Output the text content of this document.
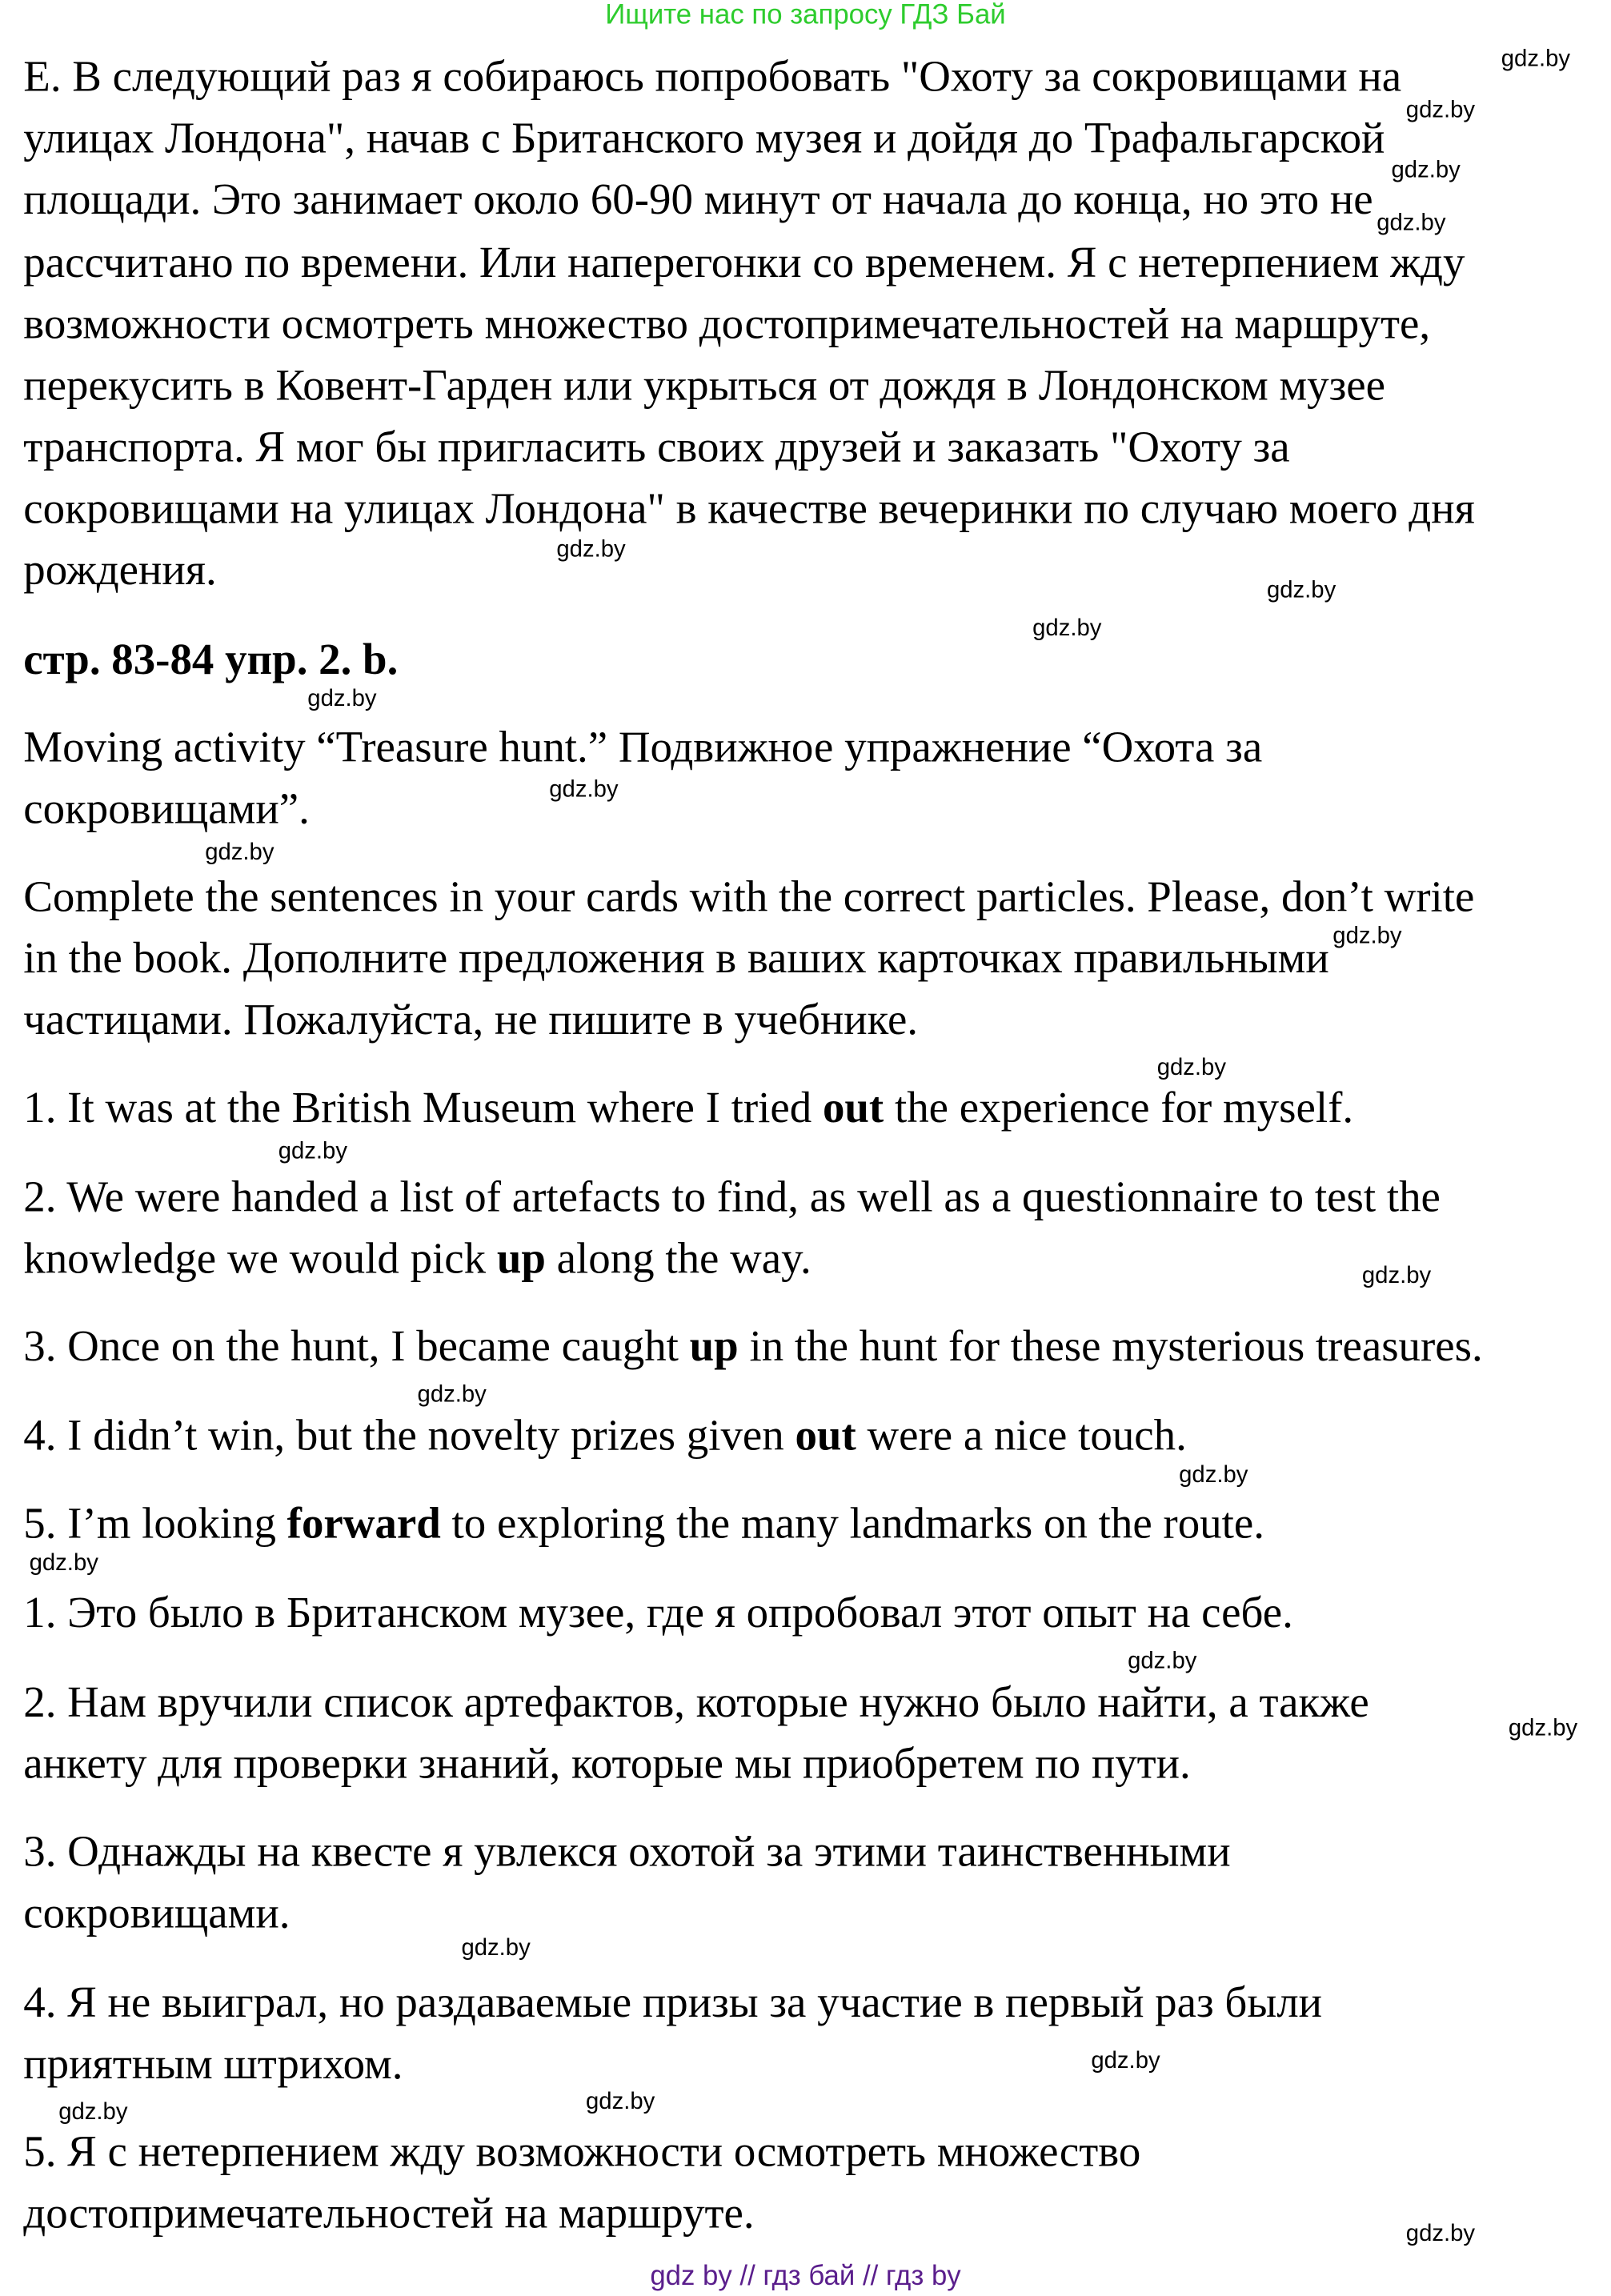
Ищите нас по запросу ГДЗ Бай
Е. В следующий раз я собираюсь попробовать "Охоту за сокровищами на
улицах Лондона", начав с Британского музея и дойдя до Трафальгарской
площади. Это занимает около 60-90 минут от начала до конца, но это не
рассчитано по времени. Или наперегонки со временем. Я с нетерпением жду
возможности осмотреть множество достопримечательностей на маршруте,
перекусить в Ковент-Гарден или укрыться от дождя в Лондонском музее
транспорта. Я мог бы пригласить своих друзей и заказать "Охоту за
сокровищами на улицах Лондона" в качестве вечеринки по случаю моего дня
рождения.
стр. 83-84 упр. 2. b.
Moving activity “Treasure hunt.” Подвижное упражнение “Охота за
сокровищами”.
Complete the sentences in your cards with the correct particles. Please, don’t write
in the book. Дополните предложения в ваших карточках правильными
частицами. Пожалуйста, не пишите в учебнике.
1. It was at the British Museum where I tried out the experience for myself.
2. We were handed a list of artefacts to find, as well as a questionnaire to test the
knowledge we would pick up along the way.
3. Once on the hunt, I became caught up in the hunt for these mysterious treasures.
4. I didn’t win, but the novelty prizes given out were a nice touch.
5. I’m looking forward to exploring the many landmarks on the route.
1. Это было в Британском музее, где я опробовал этот опыт на себе.
2. Нам вручили список артефактов, которые нужно было найти, а также
анкету для проверки знаний, которые мы приобретем по пути.
3. Однажды на квесте я увлекся охотой за этими таинственными
сокровищами.
4. Я не выиграл, но раздаваемые призы за участие в первый раз были
приятным штрихом.
5. Я с нетерпением жду возможности осмотреть множество
достопримечательностей на маршруте.
gdz.by
gdz.by
gdz.by
gdz.by
gdz.by
gdz.by
gdz.by
gdz.by
gdz.by
gdz.by
gdz.by
gdz.by
gdz.by
gdz.by
gdz.by
gdz.by
gdz.by
gdz.by
gdz.by
gdz.by
gdz.by
gdz.by
gdz.by
gdz.by
gdz by // гдз бай // гдз by
